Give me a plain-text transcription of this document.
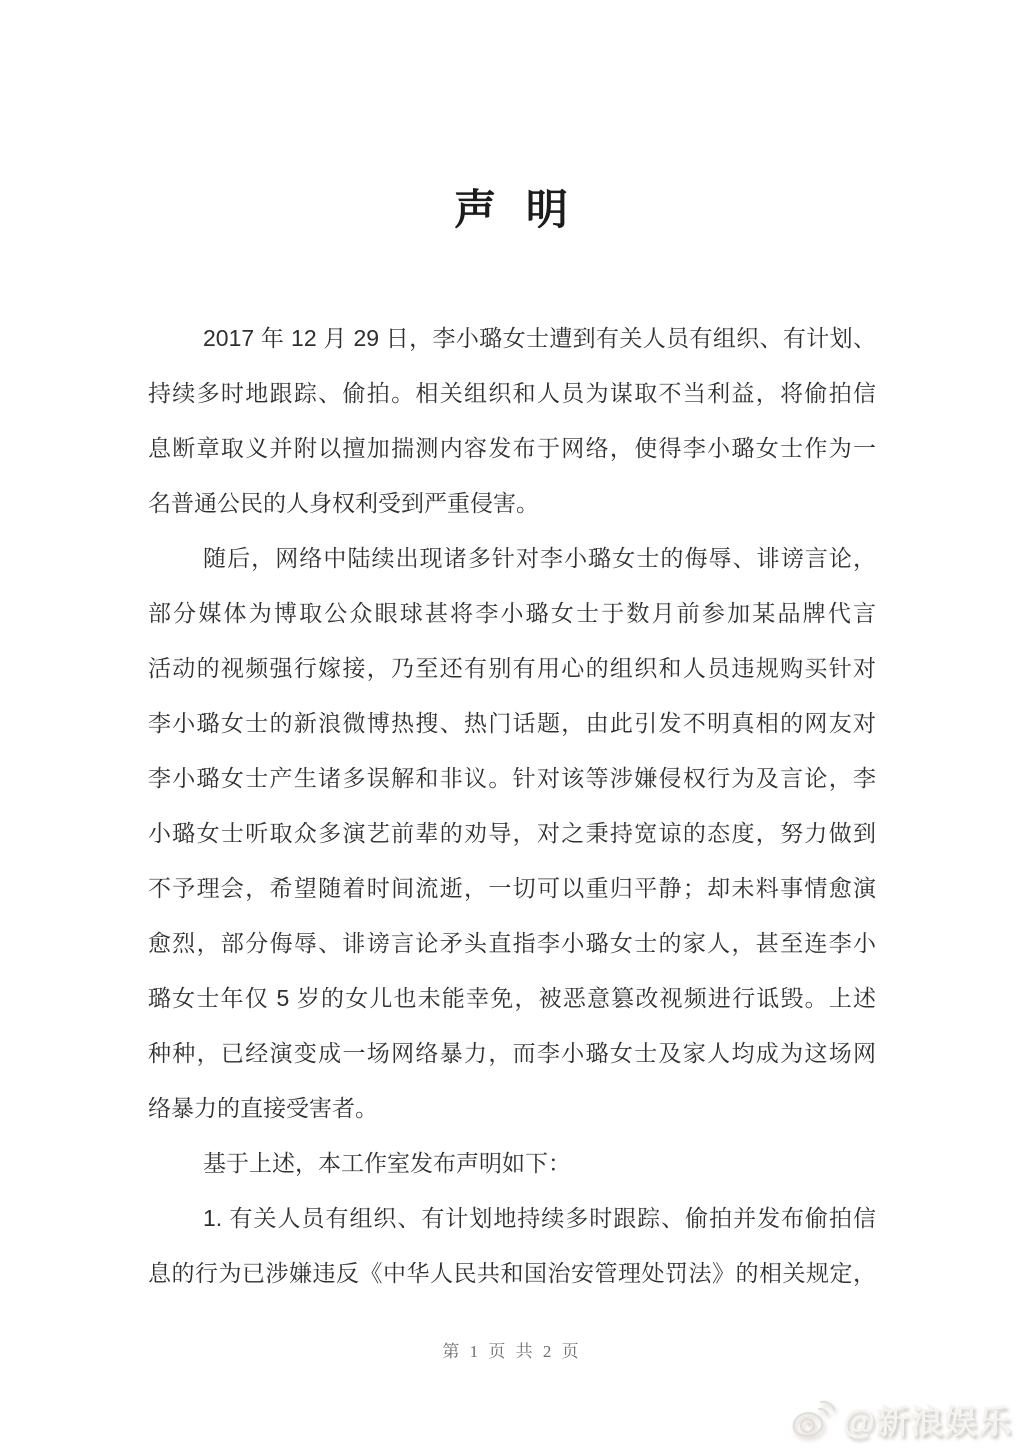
声 明
2017 年 12 月 29 日，李小璐女士遭到有关人员有组织、有计划、
持续多时地跟踪、偷拍。相关组织和人员为谋取不当利益，将偷拍信
息断章取义并附以擅加揣测内容发布于网络，使得李小璐女士作为一
名普通公民的人身权利受到严重侵害。
随后，网络中陆续出现诸多针对李小璐女士的侮辱、诽谤言论，
部分媒体为博取公众眼球甚将李小璐女士于数月前参加某品牌代言
活动的视频强行嫁接，乃至还有别有用心的组织和人员违规购买针对
李小璐女士的新浪微博热搜、热门话题，由此引发不明真相的网友对
李小璐女士产生诸多误解和非议。针对该等涉嫌侵权行为及言论，李
小璐女士听取众多演艺前辈的劝导，对之秉持宽谅的态度，努力做到
不予理会，希望随着时间流逝，一切可以重归平静；却未料事情愈演
愈烈，部分侮辱、诽谤言论矛头直指李小璐女士的家人，甚至连李小
璐女士年仅 5 岁的女儿也未能幸免，被恶意篡改视频进行诋毁。上述
种种，已经演变成一场网络暴力，而李小璐女士及家人均成为这场网
络暴力的直接受害者。
基于上述，本工作室发布声明如下：
1. 有关人员有组织、有计划地持续多时跟踪、偷拍并发布偷拍信
息的行为已涉嫌违反《中华人民共和国治安管理处罚法》的相关规定，
第 1 页 共 2 页
@新浪娱乐
